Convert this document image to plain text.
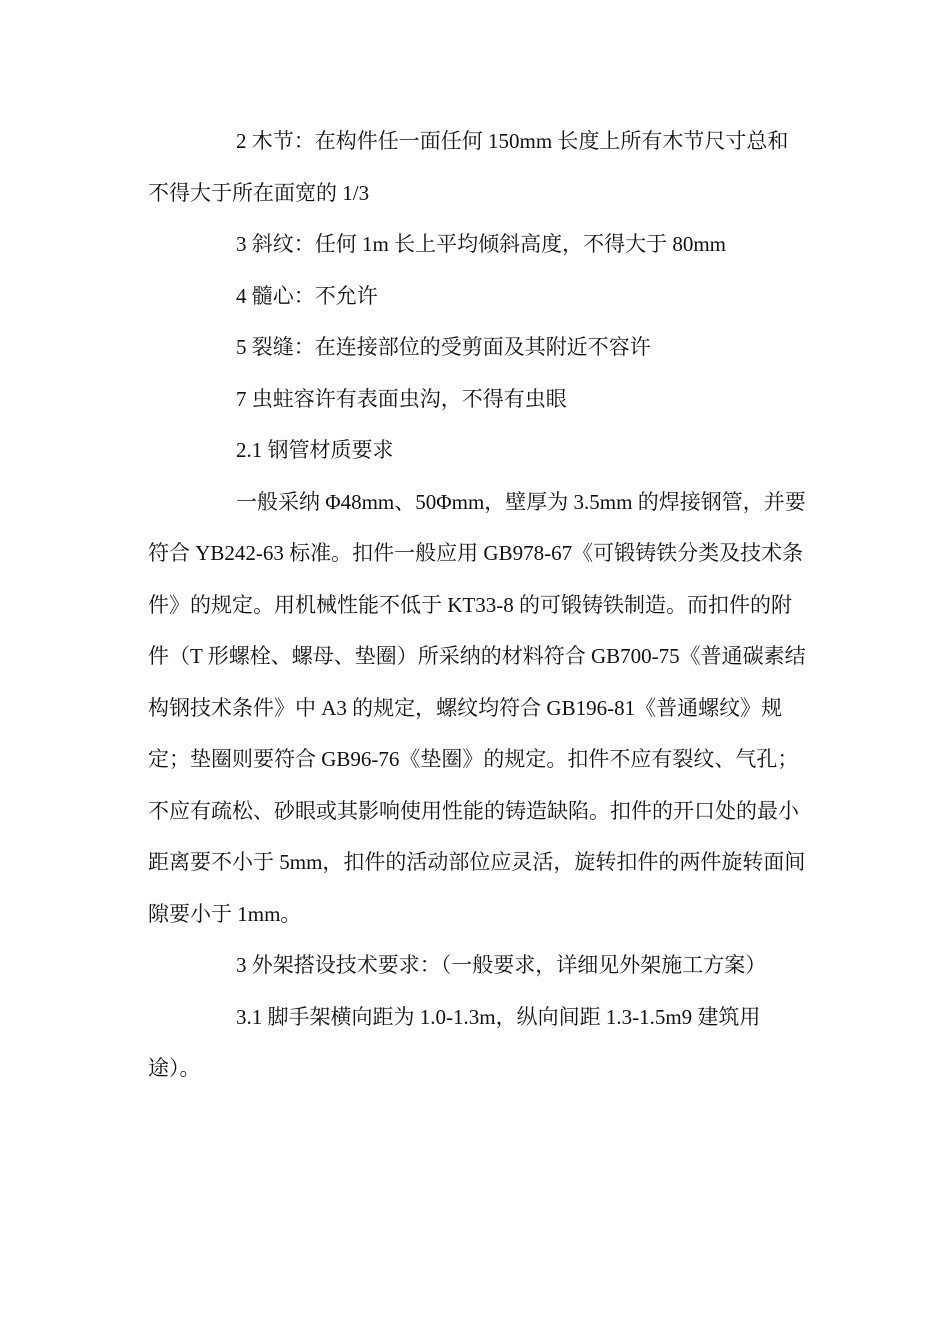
2 木节：在构件任一面任何 150mm 长度上所有木节尺寸总和不得大于所在面宽的 1/3

3 斜纹：任何 1m 长上平均倾斜高度，不得大于 80mm

4 髓心：不允许

5 裂缝：在连接部位的受剪面及其附近不容许

7 虫蛀容许有表面虫沟，不得有虫眼

2.1 钢管材质要求

一般采纳 Φ48mm、50Φmm，壁厚为 3.5mm 的焊接钢管，并要符合 YB242-63 标准。扣件一般应用 GB978-67《可锻铸铁分类及技术条件》的规定。用机械性能不低于 KT33-8 的可锻铸铁制造。而扣件的附件（T 形螺栓、螺母、垫圈）所采纳的材料符合 GB700-75《普通碳素结构钢技术条件》中 A3 的规定，螺纹均符合 GB196-81《普通螺纹》规定；垫圈则要符合 GB96-76《垫圈》的规定。扣件不应有裂纹、气孔；不应有疏松、砂眼或其影响使用性能的铸造缺陷。扣件的开口处的最小距离要不小于 5mm，扣件的活动部位应灵活，旋转扣件的两件旋转面间隙要小于 1mm。

3 外架搭设技术要求：（一般要求，详细见外架施工方案）

3.1 脚手架横向距为 1.0-1.3m，纵向间距 1.3-1.5m9 建筑用途）。
